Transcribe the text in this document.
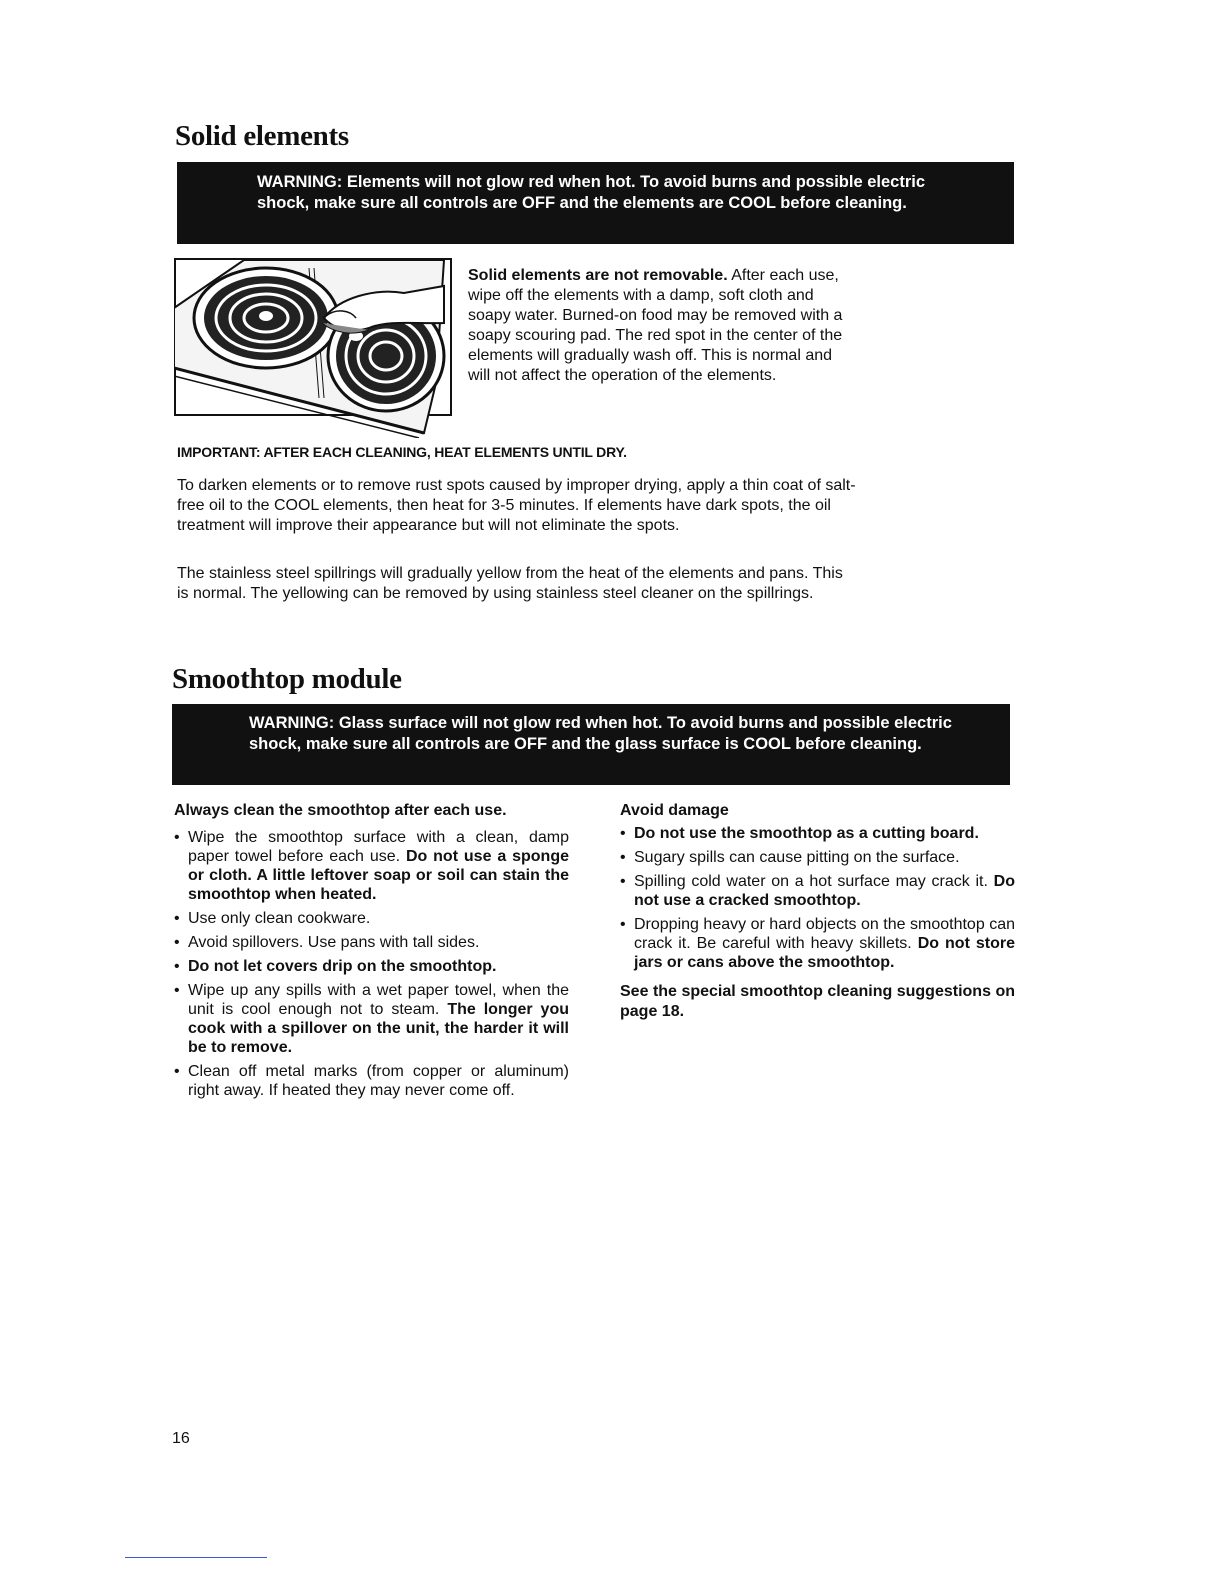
Solid elements
WARNING: Elements will not glow red when hot. To avoid burns and possible electric shock, make sure all controls are OFF and the elements are COOL before cleaning.

Solid elements are not removable. After each use, wipe off the elements with a damp, soft cloth and soapy water. Burned-on food may be removed with a soapy scouring pad. The red spot in the center of the elements will gradually wash off. This is normal and will not affect the operation of the elements.

IMPORTANT: AFTER EACH CLEANING, HEAT ELEMENTS UNTIL DRY.

To darken elements or to remove rust spots caused by improper drying, apply a thin coat of salt-free oil to the COOL elements, then heat for 3-5 minutes. If elements have dark spots, the oil treatment will improve their appearance but will not eliminate the spots.

The stainless steel spillrings will gradually yellow from the heat of the elements and pans. This is normal. The yellowing can be removed by using stainless steel cleaner on the spillrings.

Smoothtop module
WARNING: Glass surface will not glow red when hot. To avoid burns and possible electric shock, make sure all controls are OFF and the glass surface is COOL before cleaning.
Always clean the smoothtop after each use.
• Wipe the smoothtop surface with a clean, damp paper towel before each use. Do not use a sponge or cloth. A little leftover soap or soil can stain the smoothtop when heated.
• Use only clean cookware.
• Avoid spillovers. Use pans with tall sides.
• Do not let covers drip on the smoothtop.
• Wipe up any spills with a wet paper towel, when the unit is cool enough not to steam. The longer you cook with a spillover on the unit, the harder it will be to remove.
• Clean off metal marks (from copper or aluminum) right away. If heated they may never come off.
Avoid damage
• Do not use the smoothtop as a cutting board.
• Sugary spills can cause pitting on the surface.
• Spilling cold water on a hot surface may crack it. Do not use a cracked smoothtop.
• Dropping heavy or hard objects on the smoothtop can crack it. Be careful with heavy skillets. Do not store jars or cans above the smoothtop.

See the special smoothtop cleaning suggestions on page 18.

16
